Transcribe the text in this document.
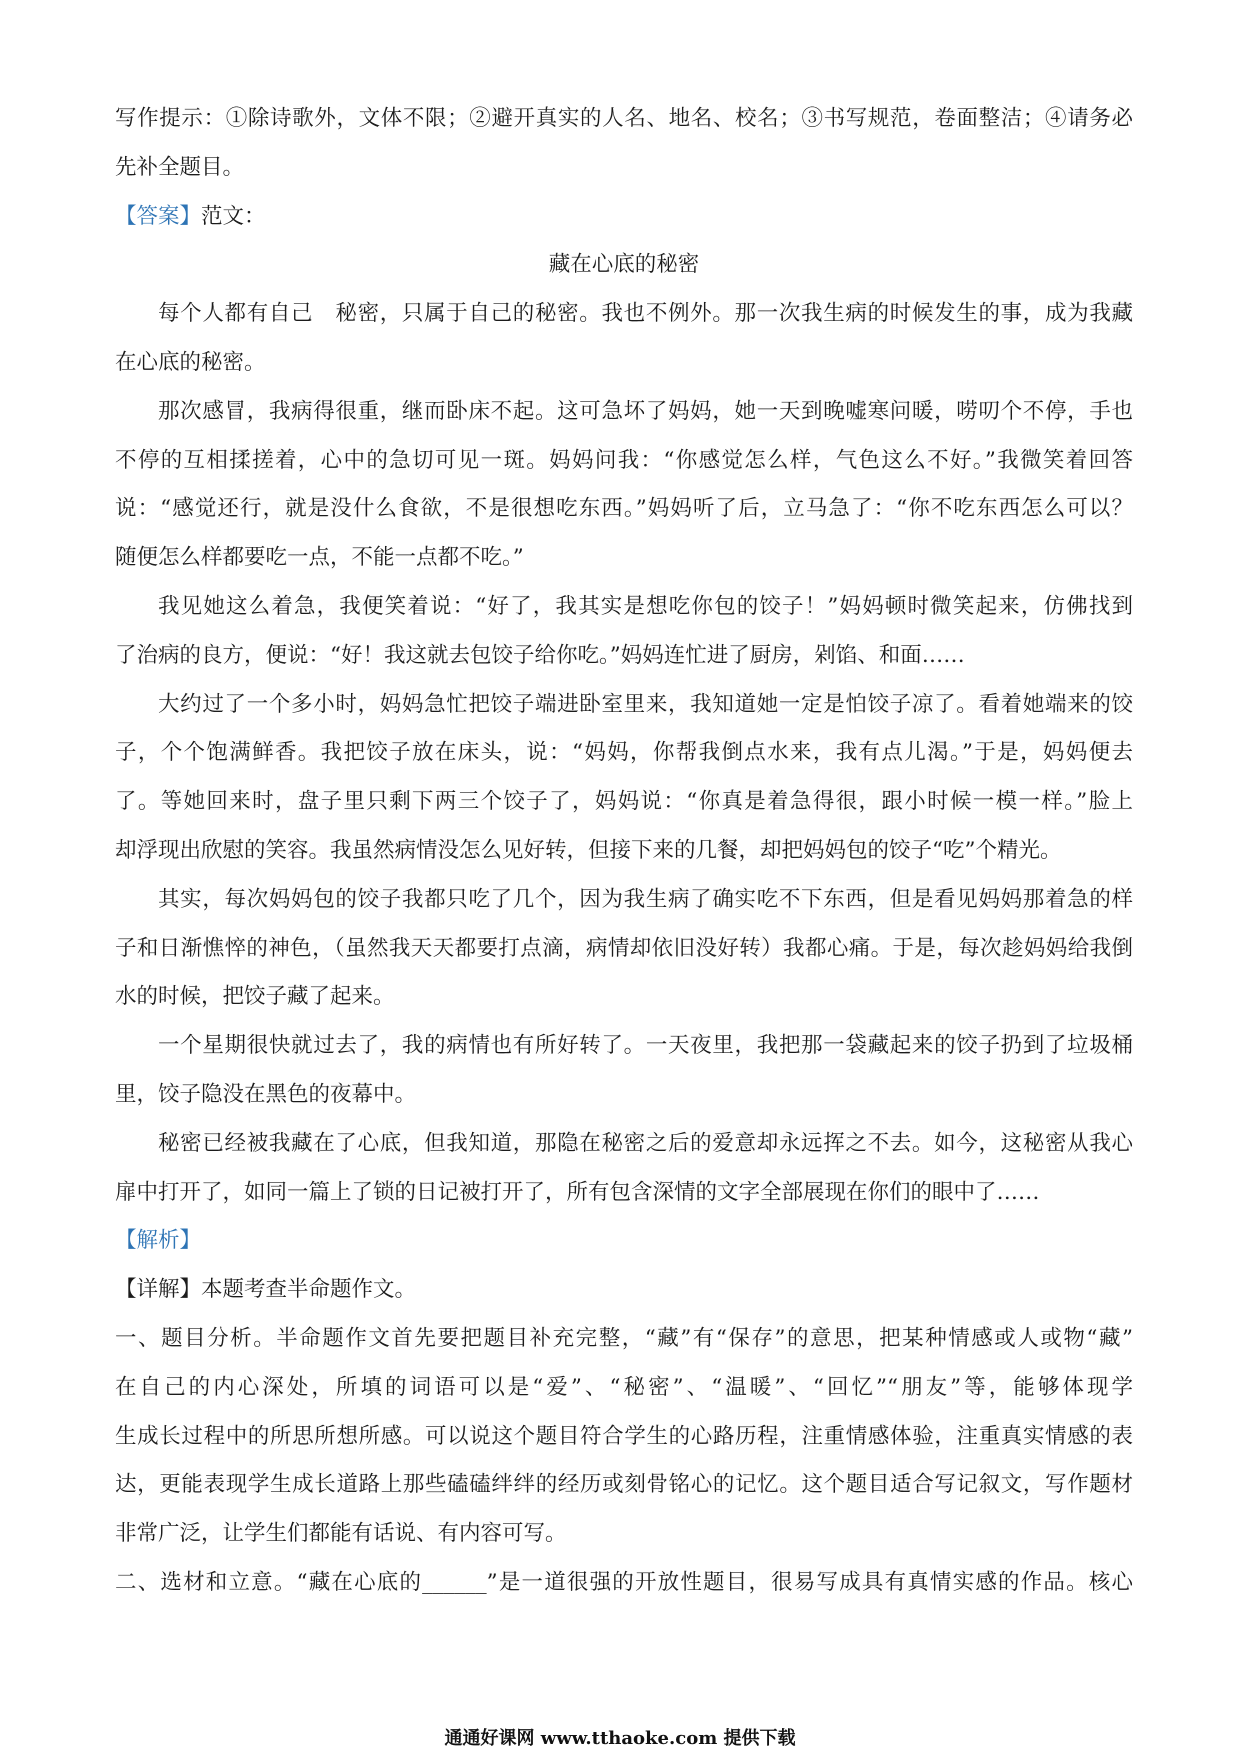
写作提示：①除诗歌外，文体不限；②避开真实的人名、地名、校名；③书写规范，卷面整洁；④请务必
先补全题目。
【答案】范文：
藏在心底的秘密
每个人都有自己　秘密，只属于自己的秘密。我也不例外。那一次我生病的时候发生的事，成为我藏
在心底的秘密。
那次感冒，我病得很重，继而卧床不起。这可急坏了妈妈，她一天到晚嘘寒问暖，唠叨个不停，手也
不停的互相揉搓着，心中的急切可见一斑。妈妈问我：“你感觉怎么样，气色这么不好。”我微笑着回答
说：“感觉还行，就是没什么食欲，不是很想吃东西。”妈妈听了后，立马急了：“你不吃东西怎么可以？
随便怎么样都要吃一点，不能一点都不吃。”
我见她这么着急，我便笑着说：“好了，我其实是想吃你包的饺子！”妈妈顿时微笑起来，仿佛找到
了治病的良方，便说：“好！我这就去包饺子给你吃。”妈妈连忙进了厨房，剁馅、和面……
大约过了一个多小时，妈妈急忙把饺子端进卧室里来，我知道她一定是怕饺子凉了。看着她端来的饺
子，个个饱满鲜香。我把饺子放在床头，说：“妈妈，你帮我倒点水来，我有点儿渴。”于是，妈妈便去
了。等她回来时，盘子里只剩下两三个饺子了，妈妈说：“你真是着急得很，跟小时候一模一样。”脸上
却浮现出欣慰的笑容。我虽然病情没怎么见好转，但接下来的几餐，却把妈妈包的饺子“吃”个精光。
其实，每次妈妈包的饺子我都只吃了几个，因为我生病了确实吃不下东西，但是看见妈妈那着急的样
子和日渐憔悴的神色，（虽然我天天都要打点滴，病情却依旧没好转）我都心痛。于是，每次趁妈妈给我倒
水的时候，把饺子藏了起来。
一个星期很快就过去了，我的病情也有所好转了。一天夜里，我把那一袋藏起来的饺子扔到了垃圾桶
里，饺子隐没在黑色的夜幕中。
秘密已经被我藏在了心底，但我知道，那隐在秘密之后的爱意却永远挥之不去。如今，这秘密从我心
扉中打开了，如同一篇上了锁的日记被打开了，所有包含深情的文字全部展现在你们的眼中了……
【解析】
【详解】本题考查半命题作文。
一、题目分析。半命题作文首先要把题目补充完整，“藏”有“保存”的意思，把某种情感或人或物“藏”
在自己的内心深处，所填的词语可以是“爱”、“秘密”、“温暖”、“回忆”“朋友”等，能够体现学
生成长过程中的所思所想所感。可以说这个题目符合学生的心路历程，注重情感体验，注重真实情感的表
达，更能表现学生成长道路上那些磕磕绊绊的经历或刻骨铭心的记忆。这个题目适合写记叙文，写作题材
非常广泛，让学生们都能有话说、有内容可写。
二、选材和立意。“藏在心底的______”是一道很强的开放性题目，很易写成具有真情实感的作品。核心
通通好课网 www.tthaoke.com 提供下载
